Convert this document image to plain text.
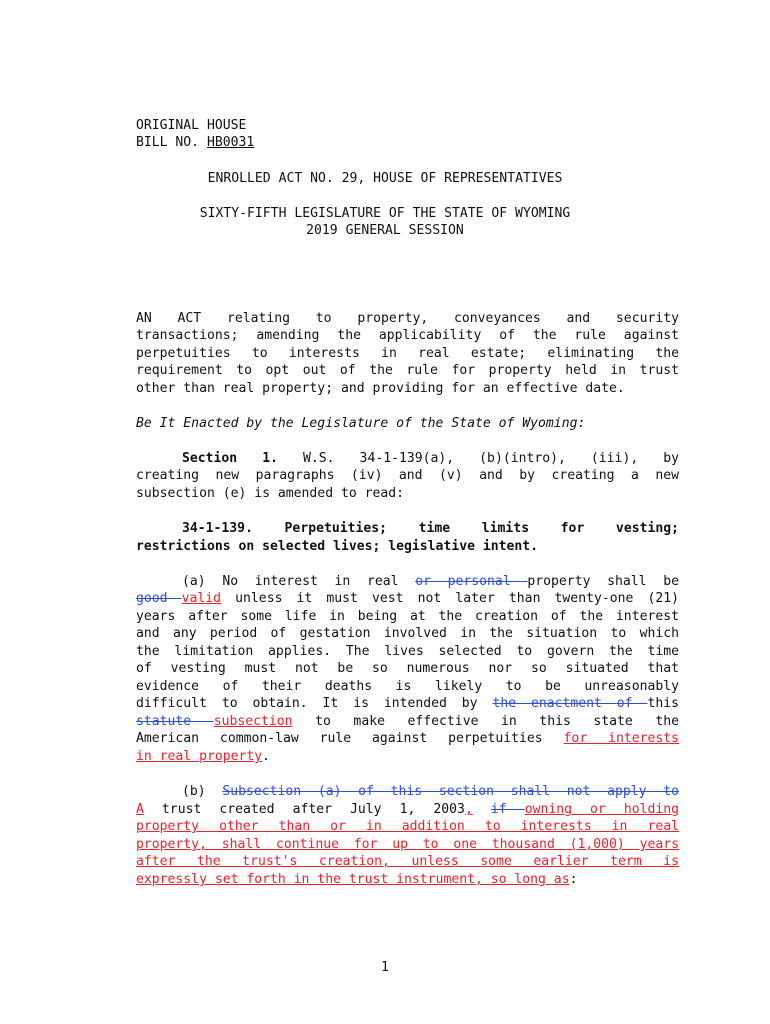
ORIGINAL HOUSE

BILL NO. HB0031

ENROLLED ACT NO. 29, HOUSE OF REPRESENTATIVES

SIXTY-FIFTH LEGISLATURE OF THE STATE OF WYOMING

2019 GENERAL SESSION

AN ACT relating to property, conveyances and security

transactions; amending the applicability of the rule against

perpetuities to interests in real estate; eliminating the

requirement to opt out of the rule for property held in trust

other than real property; and providing for an effective date.

Be It Enacted by the Legislature of the State of Wyoming:

Section 1. W.S. 34-1-139(a), (b)(intro), (iii), by

creating new paragraphs (iv) and (v) and by creating a new

subsection (e) is amended to read:

34-1-139. Perpetuities; time limits for vesting;

restrictions on selected lives; legislative intent.

(a) No interest in real or personal property shall be

good valid unless it must vest not later than twenty-one (21)

years after some life in being at the creation of the interest

and any period of gestation involved in the situation to which

the limitation applies. The lives selected to govern the time

of vesting must not be so numerous nor so situated that

evidence of their deaths is likely to be unreasonably

difficult to obtain. It is intended by the enactment of this

statute subsection to make effective in this state the

American common-law rule against perpetuities for interests

in real property.

(b) Subsection (a) of this section shall not apply to

A trust created after July 1, 2003, if owning or holding

property other than or in addition to interests in real

property, shall continue for up to one thousand (1,000) years

after the trust's creation, unless some earlier term is

expressly set forth in the trust instrument, so long as:

1
